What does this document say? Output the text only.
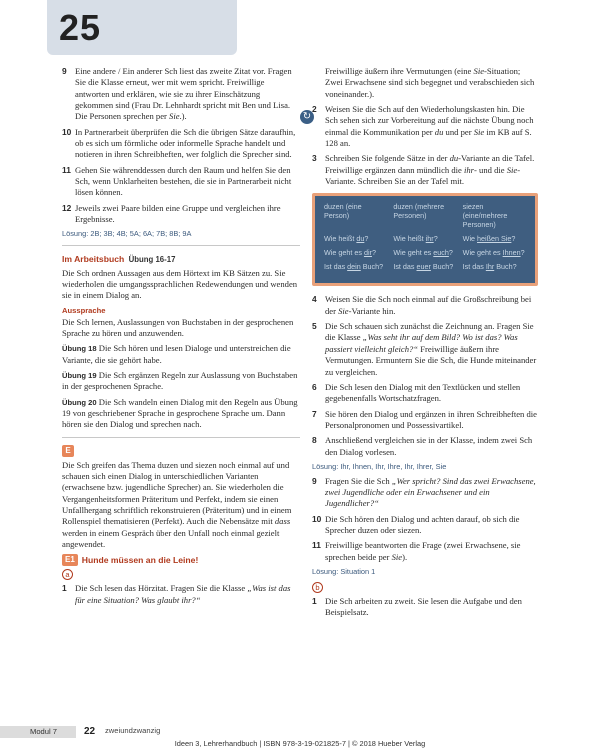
25
9 Eine andere / Ein anderer Sch liest das zweite Zitat vor. Fragen Sie die Klasse erneut, wer mit wem spricht. Freiwillige antworten und erklären, wie sie zu ihrer Einschätzung gekommen sind (Frau Dr. Lehnhardt spricht mit Ben und Lisa. Die Personen sprechen per Sie.).
10 In Partnerarbeit überprüfen die Sch die übrigen Sätze daraufhin, ob es sich um förmliche oder informelle Sprache handelt und notieren in ihren Schreibheften, wer folglich die Sprecher sind.
11 Gehen Sie währenddessen durch den Raum und helfen Sie den Sch, wenn Unklarheiten bestehen, die sie in Partnerarbeit nicht lösen können.
12 Jeweils zwei Paare bilden eine Gruppe und vergleichen ihre Ergebnisse.
Lösung: 2B; 3B; 4B; 5A; 6A; 7B; 8B; 9A
Im Arbeitsbuch Übung 16-17

Die Sch ordnen Aussagen aus dem Hörtext im KB Sätzen zu. Sie wiederholen die umgangssprachlichen Redewendungen und wenden sie in einem Dialog an.

Aussprache

Die Sch lernen, Auslassungen von Buchstaben in der gesprochenen Sprache zu hören und anzuwenden.

Übung 18 Die Sch hören und lesen Dialoge und unterstreichen die Variante, die sie gehört habe.

Übung 19 Die Sch ergänzen Regeln zur Auslassung von Buchstaben in der gesprochenen Sprache.

Übung 20 Die Sch wandeln einen Dialog mit den Regeln aus Übung 19 von geschriebener Sprache in gesprochene Sprache um. Dann hören sie den Dialog und sprechen nach.

E

Die Sch greifen das Thema duzen und siezen noch einmal auf und schauen sich einen Dialog in unterschiedlichen Varianten (erwachsene bzw. jugendliche Sprecher) an. Sie wiederholen die Vergangenheitsformen Präteritum und Perfekt, indem sie einen Unfallhergang schriftlich rekonstruieren (Präteritum) und in einem Rollenspiel thematisieren (Perfekt). Auch die Nebensätze mit dass werden in einem Gespräch über den Unfall noch einmal gezielt angewendet.

E1 Hunde müssen an die Leine!
a
1 Die Sch lesen das Hörzitat. Fragen Sie die Klasse „Was ist das für eine Situation? Was glaubt ihr?“

Freiwillige äußern ihre Vermutungen (eine Sie-Situation; Zwei Erwachsene sind sich begegnet und verabschieden sich voneinander.).

↻
2 Weisen Sie die Sch auf den Wiederholungskasten hin. Die Sch sehen sich zur Vorbereitung auf die nächste Übung noch einmal die Kommunikation per du und per Sie im KB auf S. 128 an.
3 Schreiben Sie folgende Sätze in der du-Variante an die Tafel. Freiwillige ergänzen dann mündlich die ihr- und die Sie-Variante. Schreiben Sie an der Tafel mit.
duzen (eine Person)	duzen (mehrere Personen)	siezen (eine/mehrere Personen)
Wie heißt du?	Wie heißt ihr?	Wie heißen Sie?
Wie geht es dir?	Wie geht es euch?	Wie geht es Ihnen?
Ist das dein Buch?	Ist das euer Buch?	Ist das Ihr Buch?
4 Weisen Sie die Sch noch einmal auf die Großschreibung bei der Sie-Variante hin.
5 Die Sch schauen sich zunächst die Zeichnung an. Fragen Sie die Klasse „Was seht ihr auf dem Bild? Wo ist das? Was passiert vielleicht gleich?“ Freiwillige äußern ihre Vermutungen. Ermuntern Sie die Sch, die Hunde miteinander zu vergleichen.
6 Die Sch lesen den Dialog mit den Textlücken und stellen gegebenenfalls Wortschatzfragen.
7 Sie hören den Dialog und ergänzen in ihren Schreibheften die Personalpronomen und Possessivartikel.
8 Anschließend vergleichen sie in der Klasse, indem zwei Sch den Dialog vorlesen.
Lösung: Ihr, Ihnen, Ihr, Ihre, Ihr, Ihrer, Sie
9 Fragen Sie die Sch „Wer spricht? Sind das zwei Erwachsene, zwei Jugendliche oder ein Erwachsener und ein Jugendlicher?“
10 Die Sch hören den Dialog und achten darauf, ob sich die Sprecher duzen oder siezen.
11 Freiwillige beantworten die Frage (zwei Erwachsene, sie sprechen beide per Sie).
Lösung: Situation 1
b
1 Die Sch arbeiten zu zweit. Sie lesen die Aufgabe und den Beispielsatz.
Modul 7	22 zweiundzwanzig
Ideen 3, Lehrerhandbuch | ISBN 978-3-19-021825-7 | © 2018 Hueber Verlag
